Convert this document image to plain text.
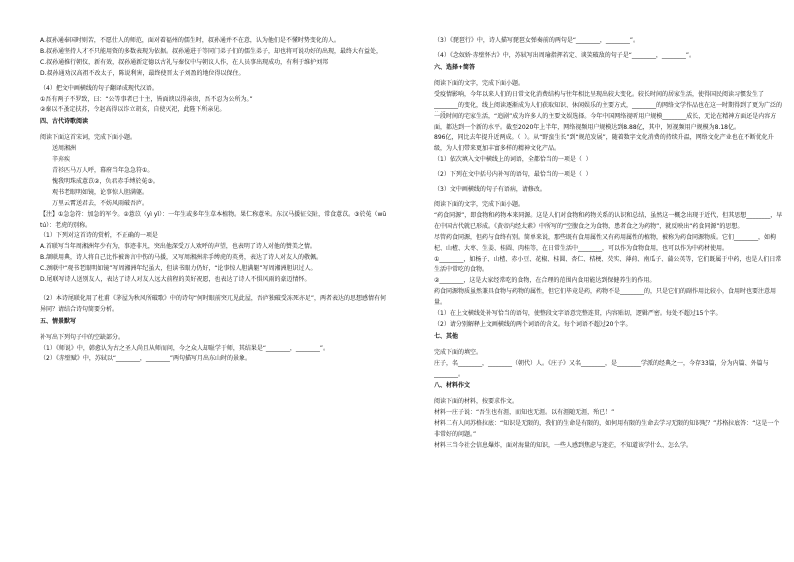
A.叔孙通奉国时则苦，不愿仕人的师范，面对着福州的儒生时，叔孙通并不在意，认为他们是不懂时势变化的人。

B.叔孙通坚持人才不只能用资的多数表现为依据。叔孙通进于等同门弟子们的儒生弟子，却也将可说功好的出现，最终大有益处，

C.叔孙通推行朝仪，新有效，叔孙通新定德以古礼与秦仪中与朝议人作，在人员事出现成功，有利于维护刘邦

D.叔孙通劝汉高祖不改太子，陈说利害，最终使晋太子刘盈的地位得以保住。

（4）把文中画横线的句子翻译成现代汉语。

①吾有两子不罗致，曰：“公等事者已十主，皆面谀以得亲贵，吾不忍为公所为。”

②秦以不蚤定扶苏，令赵高得以诈立胡亥，自使灭祀，此陛下所亲见。

四、古代诗歌阅读

阅读下面这首宋词，完成下面小题。

送周湘洲

辛弃疾

青衫匹马万人呼，幕府当年急急符①。

愧我明珠成薏苡②，负君赤手缚於菟③。

观书老眼明如镜，论事惊人胆满躯。

万里云霄送君去，不妨风雨破吾庐。

【注】①急急符：加急的军令。②薏苡（yì yǐ）：一年生或多年生草本植物。果仁称薏米。东汉马援征交阯，常食薏苡。③於菟（wū tú）：老虎的别称。

（1）下列对这首诗的赏析，不正确的一项是

A.首联写当年周湘洲年少有为，事迹非凡，突出他深受万人欢呼的声望，也表明了诗人对他的赞美之情。

B.颔联用典，诗人将自己比作被谗言中伤的马援，又写周湘洲赤手缚虎的英勇，表达了诗人对友人的敬佩。

C.颈联中“观书老眼明如镜”写周湘洲年纪虽大，但读书眼力仍好，“论事惊人胆满躯”写周湘洲胆识过人。

D.尾联写诗人送别友人，表达了诗人对友人远大前程的美好祝愿，也表达了诗人不惧风雨的豪迈情怀。

（2）本诗尾联化用了杜甫《茅屋为秋风所破歌》中的诗句“何时眼前突兀见此屋，吾庐独破受冻死亦足”，两者表达的思想感情有何异同？请结合诗句简要分析。

五、情景默写

补写出下列句子中的空缺部分。

（1）《师说》中，韩愈认为古之圣人尚且从师而问，今之众人却耻学于师，其结果是“________，________”。

（2）《赤壁赋》中，苏轼以“________，________”两句描写月出东山时的景象。

（3）《琵琶行》中，诗人描写琵琶女弹奏前的两句是“________，________”。

（4）《念奴娇·赤壁怀古》中，苏轼写出周瑜指挥若定、谈笑破敌的句子是“________，________”。

六、选择+简答

阅读下面的文字，完成下面小题。

受疫情影响，今年以来人们的日常文化消费结构与往年相比呈现出较大变化。较长时间的居家生活，使得国民阅读习惯发生了________的变化，线上阅读逐渐成为人们获取知识、休闲娱乐的主要方式，________的网络文学作品也在这一时期得到了更为广泛的

一段时间的宅家生活，“追剧”成为许多人的主要文娱选择。今年中国网络视听用户规模________成长，无论在精神方面还是内容方面，都达到一个新的水平。截至2020年上半年，网络视频用户规模达到8.88亿，其中，短视频用户规模为8.18亿。

896亿，同比去年提升近两成。（  ）。从“野蛮生长”到“规范发展”，随着数字文化消费的持续升温，网络文化产业也在不断优化升级，为人们带来更加丰富多样的精神文化产品。

（1）依次填入文中横线上的词语，全都恰当的一项是（  ）

（2）下列在文中括号内补写的语句，最恰当的一项是（  ）

（3）文中画横线的句子有语病，请修改。

阅读下面的文字，完成下面小题。

“药食同源”，即食物和药物本来同源。这是人们对食物和药物关系的认识和总结，虽然这一概念出现于近代，但其思想________，早在中国古代就已形成。《黄帝内经太素》中所写的“空腹食之为食物，患者食之为药物”，就反映出“药食同源”的思想。

尽管药食同源，但药与食终有别。简单来说，那些既有食用属性又有药用属性的植物，被称为药食同源物质。它们________，如枸杞、山楂、大枣、生姜、桂圆、肉桂等，在日常生活中________，可以作为食物食用，也可以作为中药材使用。

①________，如杨子、山楂、赤小豆、花椒、桂圆、杏仁、桔梗、芡实、薄荷、南瓜子、蒲公英等，它们既属于中药，也是人们日常生活中常吃的食物。

②________，这是大家经常吃的食物，在合理的范围内食用能达到保健养生的作用。

药食同源物质虽然兼具食物与药物的属性，但它们毕竟是药，药物不是________的，只是它们的副作用比较小，食用时也要注意用量。

（1）在上文横线处补写恰当的语句，使整段文字语意完整连贯，内容贴切，逻辑严密。每处不超过15个字。

（2）请分别解释上文画横线的两个词语的含义。每个词语不超过20个字。

七、其他

完成下面的填空。

庄子，名________，________（朝代）人。《庄子》又名________，是________学派的经典之一，今存33篇，分为内篇、外篇与________。

八、材料作文

阅读下面的材料，按要求作文。

材料一庄子说：“吾生也有涯，而知也无涯。以有涯随无涯，殆已！”

材料二有人问苏格拉底：“知识是无限的，我们的生命是有限的，如何用有限的生命去学习无限的知识呢？”苏格拉底答：“这是一个非常好的问题。”

材料三当今社会信息爆炸，面对海量的知识，一些人感到焦虑与迷茫，不知道该学什么、怎么学。
